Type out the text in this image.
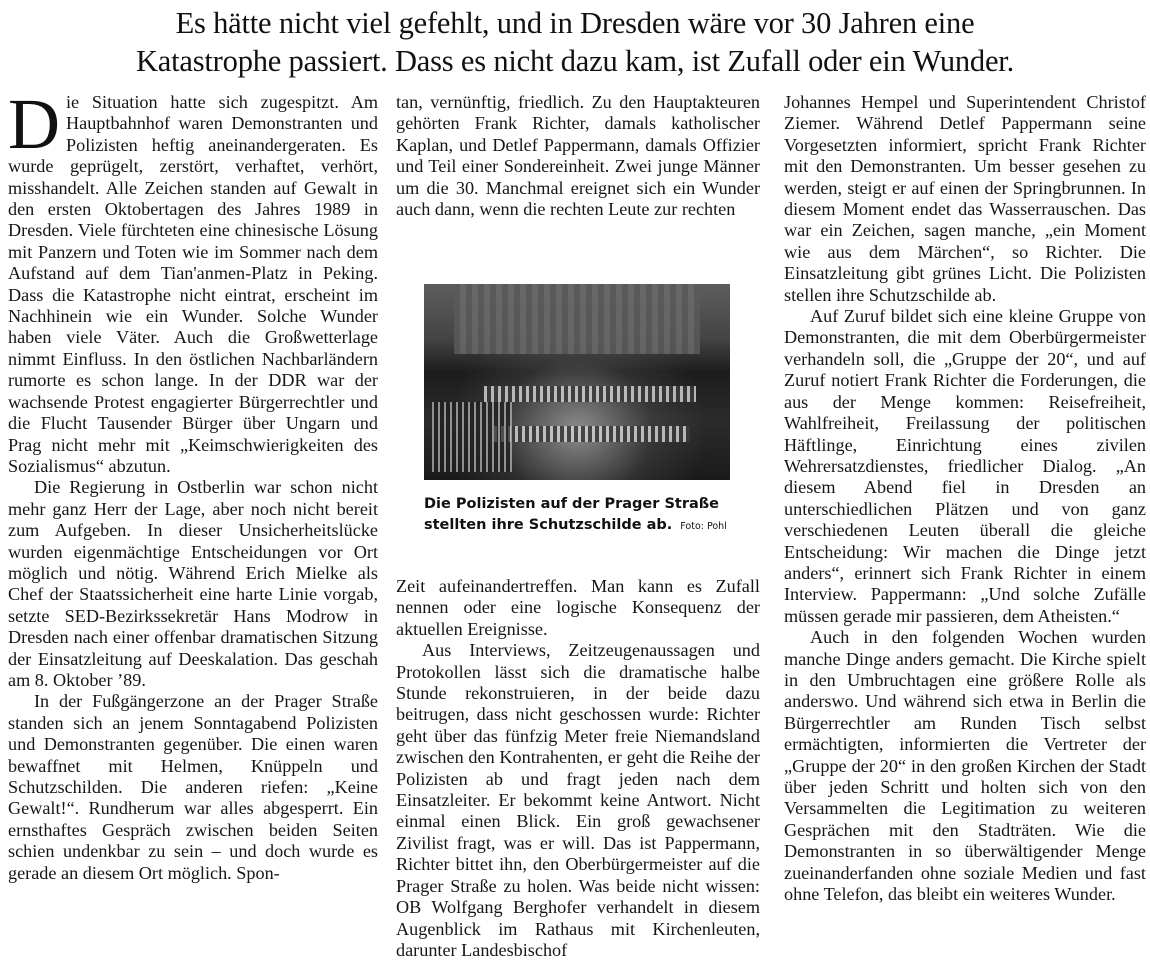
Es hätte nicht viel gefehlt, und in Dresden wäre vor 30 Jahren eine
Katastrophe passiert. Dass es nicht dazu kam, ist Zufall oder ein Wunder.

Die Situation hatte sich zugespitzt. Am Hauptbahnhof waren Demonstranten und Polizisten heftig aneinandergeraten. Es wurde geprügelt, zerstört, verhaftet, verhört, misshandelt. Alle Zeichen standen auf Gewalt in den ersten Oktobertagen des Jahres 1989 in Dresden. Viele fürchteten eine chinesische Lösung mit Panzern und Toten wie im Sommer nach dem Aufstand auf dem Tian'anmen-Platz in Peking. Dass die Katastrophe nicht eintrat, erscheint im Nachhinein wie ein Wunder. Solche Wunder haben viele Väter. Auch die Großwetterlage nimmt Einfluss. In den östlichen Nachbarländern rumorte es schon lange. In der DDR war der wachsende Protest engagierter Bürgerrechtler und die Flucht Tausender Bürger über Ungarn und Prag nicht mehr mit „Keimschwierigkeiten des Sozialismus“ abzutun.

Die Regierung in Ostberlin war schon nicht mehr ganz Herr der Lage, aber noch nicht bereit zum Aufgeben. In dieser Unsicherheitslücke wurden eigenmächtige Entscheidungen vor Ort möglich und nötig. Während Erich Mielke als Chef der Staatssicherheit eine harte Linie vorgab, setzte SED-Bezirkssekretär Hans Modrow in Dresden nach einer offenbar dramatischen Sitzung der Einsatzleitung auf Deeskalation. Das geschah am 8. Oktober ’89.

In der Fußgängerzone an der Prager Straße standen sich an jenem Sonntagabend Polizisten und Demonstranten gegenüber. Die einen waren bewaffnet mit Helmen, Knüppeln und Schutzschilden. Die anderen riefen: „Keine Gewalt!“. Rundherum war alles abgesperrt. Ein ernsthaftes Gespräch zwischen beiden Seiten schien undenkbar zu sein – und doch wurde es gerade an diesem Ort möglich. Spon-

tan, vernünftig, friedlich. Zu den Hauptakteuren gehörten Frank Richter, damals katholischer Kaplan, und Detlef Pappermann, damals Offizier und Teil einer Sondereinheit. Zwei junge Männer um die 30. Manchmal ereignet sich ein Wunder auch dann, wenn die rechten Leute zur rechten

Die Polizisten auf der Prager Straße
stellten ihre Schutzschilde ab. Foto: Pohl

Zeit aufeinandertreffen. Man kann es Zufall nennen oder eine logische Konsequenz der aktuellen Ereignisse.

Aus Interviews, Zeitzeugenaussagen und Protokollen lässt sich die dramatische halbe Stunde rekonstruieren, in der beide dazu beitrugen, dass nicht geschossen wurde: Richter geht über das fünfzig Meter freie Niemandsland zwischen den Kontrahenten, er geht die Reihe der Polizisten ab und fragt jeden nach dem Einsatzleiter. Er bekommt keine Antwort. Nicht einmal einen Blick. Ein groß gewachsener Zivilist fragt, was er will. Das ist Pappermann, Richter bittet ihn, den Oberbürgermeister auf die Prager Straße zu holen. Was beide nicht wissen: OB Wolfgang Berghofer verhandelt in diesem Augenblick im Rathaus mit Kirchenleuten, darunter Landesbischof

Johannes Hempel und Superintendent Christof Ziemer. Während Detlef Pappermann seine Vorgesetzten informiert, spricht Frank Richter mit den Demonstranten. Um besser gesehen zu werden, steigt er auf einen der Springbrunnen. In diesem Moment endet das Wasserrauschen. Das war ein Zeichen, sagen manche, „ein Moment wie aus dem Märchen“, so Richter. Die Einsatzleitung gibt grünes Licht. Die Polizisten stellen ihre Schutzschilde ab.

Auf Zuruf bildet sich eine kleine Gruppe von Demonstranten, die mit dem Oberbürgermeister verhandeln soll, die „Gruppe der 20“, und auf Zuruf notiert Frank Richter die Forderungen, die aus der Menge kommen: Reisefreiheit, Wahlfreiheit, Freilassung der politischen Häftlinge, Einrichtung eines zivilen Wehrersatzdienstes, friedlicher Dialog. „An diesem Abend fiel in Dresden an unterschiedlichen Plätzen und von ganz verschiedenen Leuten überall die gleiche Entscheidung: Wir machen die Dinge jetzt anders“, erinnert sich Frank Richter in einem Interview. Pappermann: „Und solche Zufälle müssen gerade mir passieren, dem Atheisten.“

Auch in den folgenden Wochen wurden manche Dinge anders gemacht. Die Kirche spielt in den Umbruchtagen eine größere Rolle als anderswo. Und während sich etwa in Berlin die Bürgerrechtler am Runden Tisch selbst ermächtigten, informierten die Vertreter der „Gruppe der 20“ in den großen Kirchen der Stadt über jeden Schritt und holten sich von den Versammelten die Legitimation zu weiteren Gesprächen mit den Stadträten. Wie die Demonstranten in so überwältigender Menge zueinanderfanden ohne soziale Medien und fast ohne Telefon, das bleibt ein weiteres Wunder.
